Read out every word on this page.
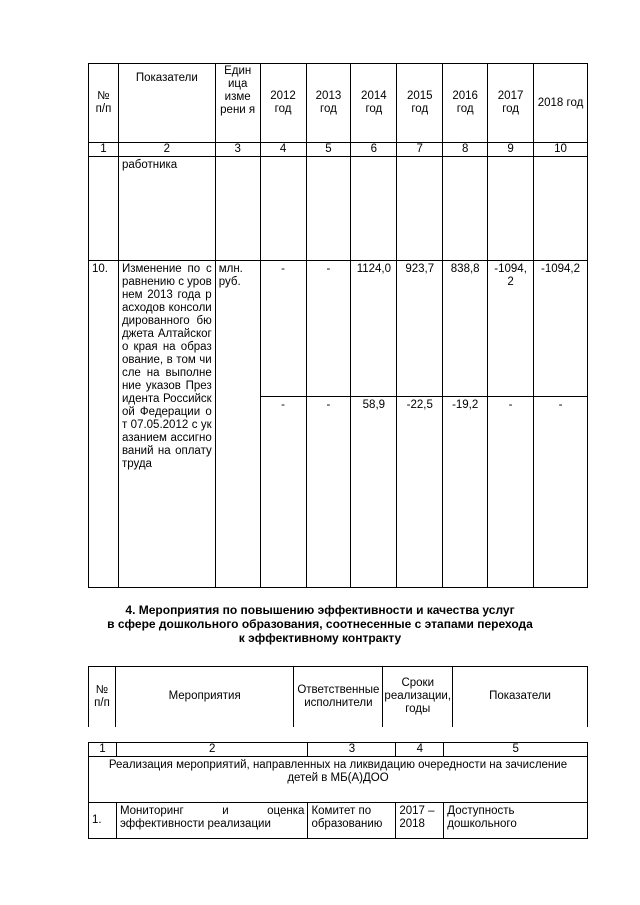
№ п/п	Показатели	Един ица изме рени я	2012 год	2013 год	2014 год	2015 год	2016 год	2017 год	2018 год
1	2	3	4	5	6	7	8	9	10
	работника								
10.	Изменение по сравнению с уровнем 2013 года расходов консолидированного бюджета Алтайского края на образование, в том числе на выполнение указов Президента Российской Федерации от 07.05.2012 с указанием ассигнований на оплату труда	млн. руб.	-	-	1124,0	923,7	838,8	-1094,2	-1094,2
			-	-	58,9	-22,5	-19,2	-	-
4. Мероприятия по повышению эффективности и качества услуг
в сфере дошкольного образования, соотнесенные с этапами перехода
к эффективному контракту
№ п/п	Мероприятия	Ответственные исполнители	Сроки реализации, годы	Показатели
1	2	3	4	5

Реализация мероприятий, направленных на ликвидацию очередности на зачисление
детей в МБ(А)ДОО				

1.	Мониторинг и оценка эффективности реализации	Комитет по образованию	2017 – 2018	Доступность дошкольного
